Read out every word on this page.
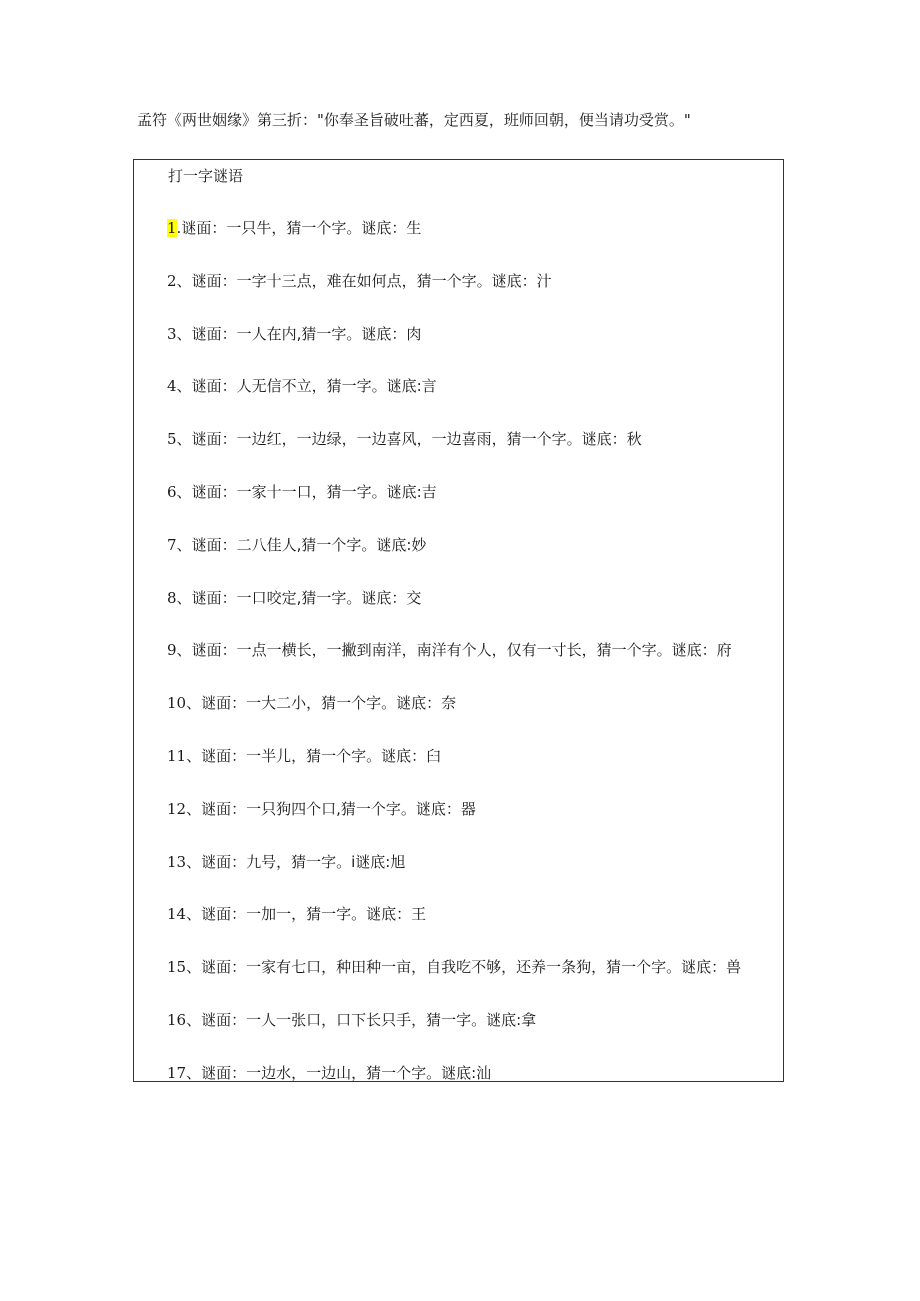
孟符《两世姻缘》第三折："你奉圣旨破吐蕃，定西夏，班师回朝，便当请功受赏。"
打一字谜语
1.谜面：一只牛，猜一个字。谜底：生
2、谜面：一字十三点，难在如何点，猜一个字。谜底：汁
3、谜面：一人在内,猜一字。谜底：肉
4、谜面：人无信不立，猜一字。谜底:言
5、谜面：一边红，一边绿，一边喜风，一边喜雨，猜一个字。谜底：秋
6、谜面：一家十一口，猜一字。谜底:吉
7、谜面：二八佳人,猜一个字。谜底:妙
8、谜面：一口咬定,猜一字。谜底：交
9、谜面：一点一横长，一撇到南洋，南洋有个人，仅有一寸长，猜一个字。谜底：府
10、谜面：一大二小，猜一个字。谜底：奈
11、谜面：一半儿，猜一个字。谜底：臼
12、谜面：一只狗四个口,猜一个字。谜底：器
13、谜面：九号，猜一字。i谜底:旭
14、谜面：一加一，猜一字。谜底：王
15、谜面：一家有七口，种田种一亩，自我吃不够，还养一条狗，猜一个字。谜底：兽
16、谜面：一人一张口，口下长只手，猜一字。谜底:拿
17、谜面：一边水，一边山，猜一个字。谜底:汕
